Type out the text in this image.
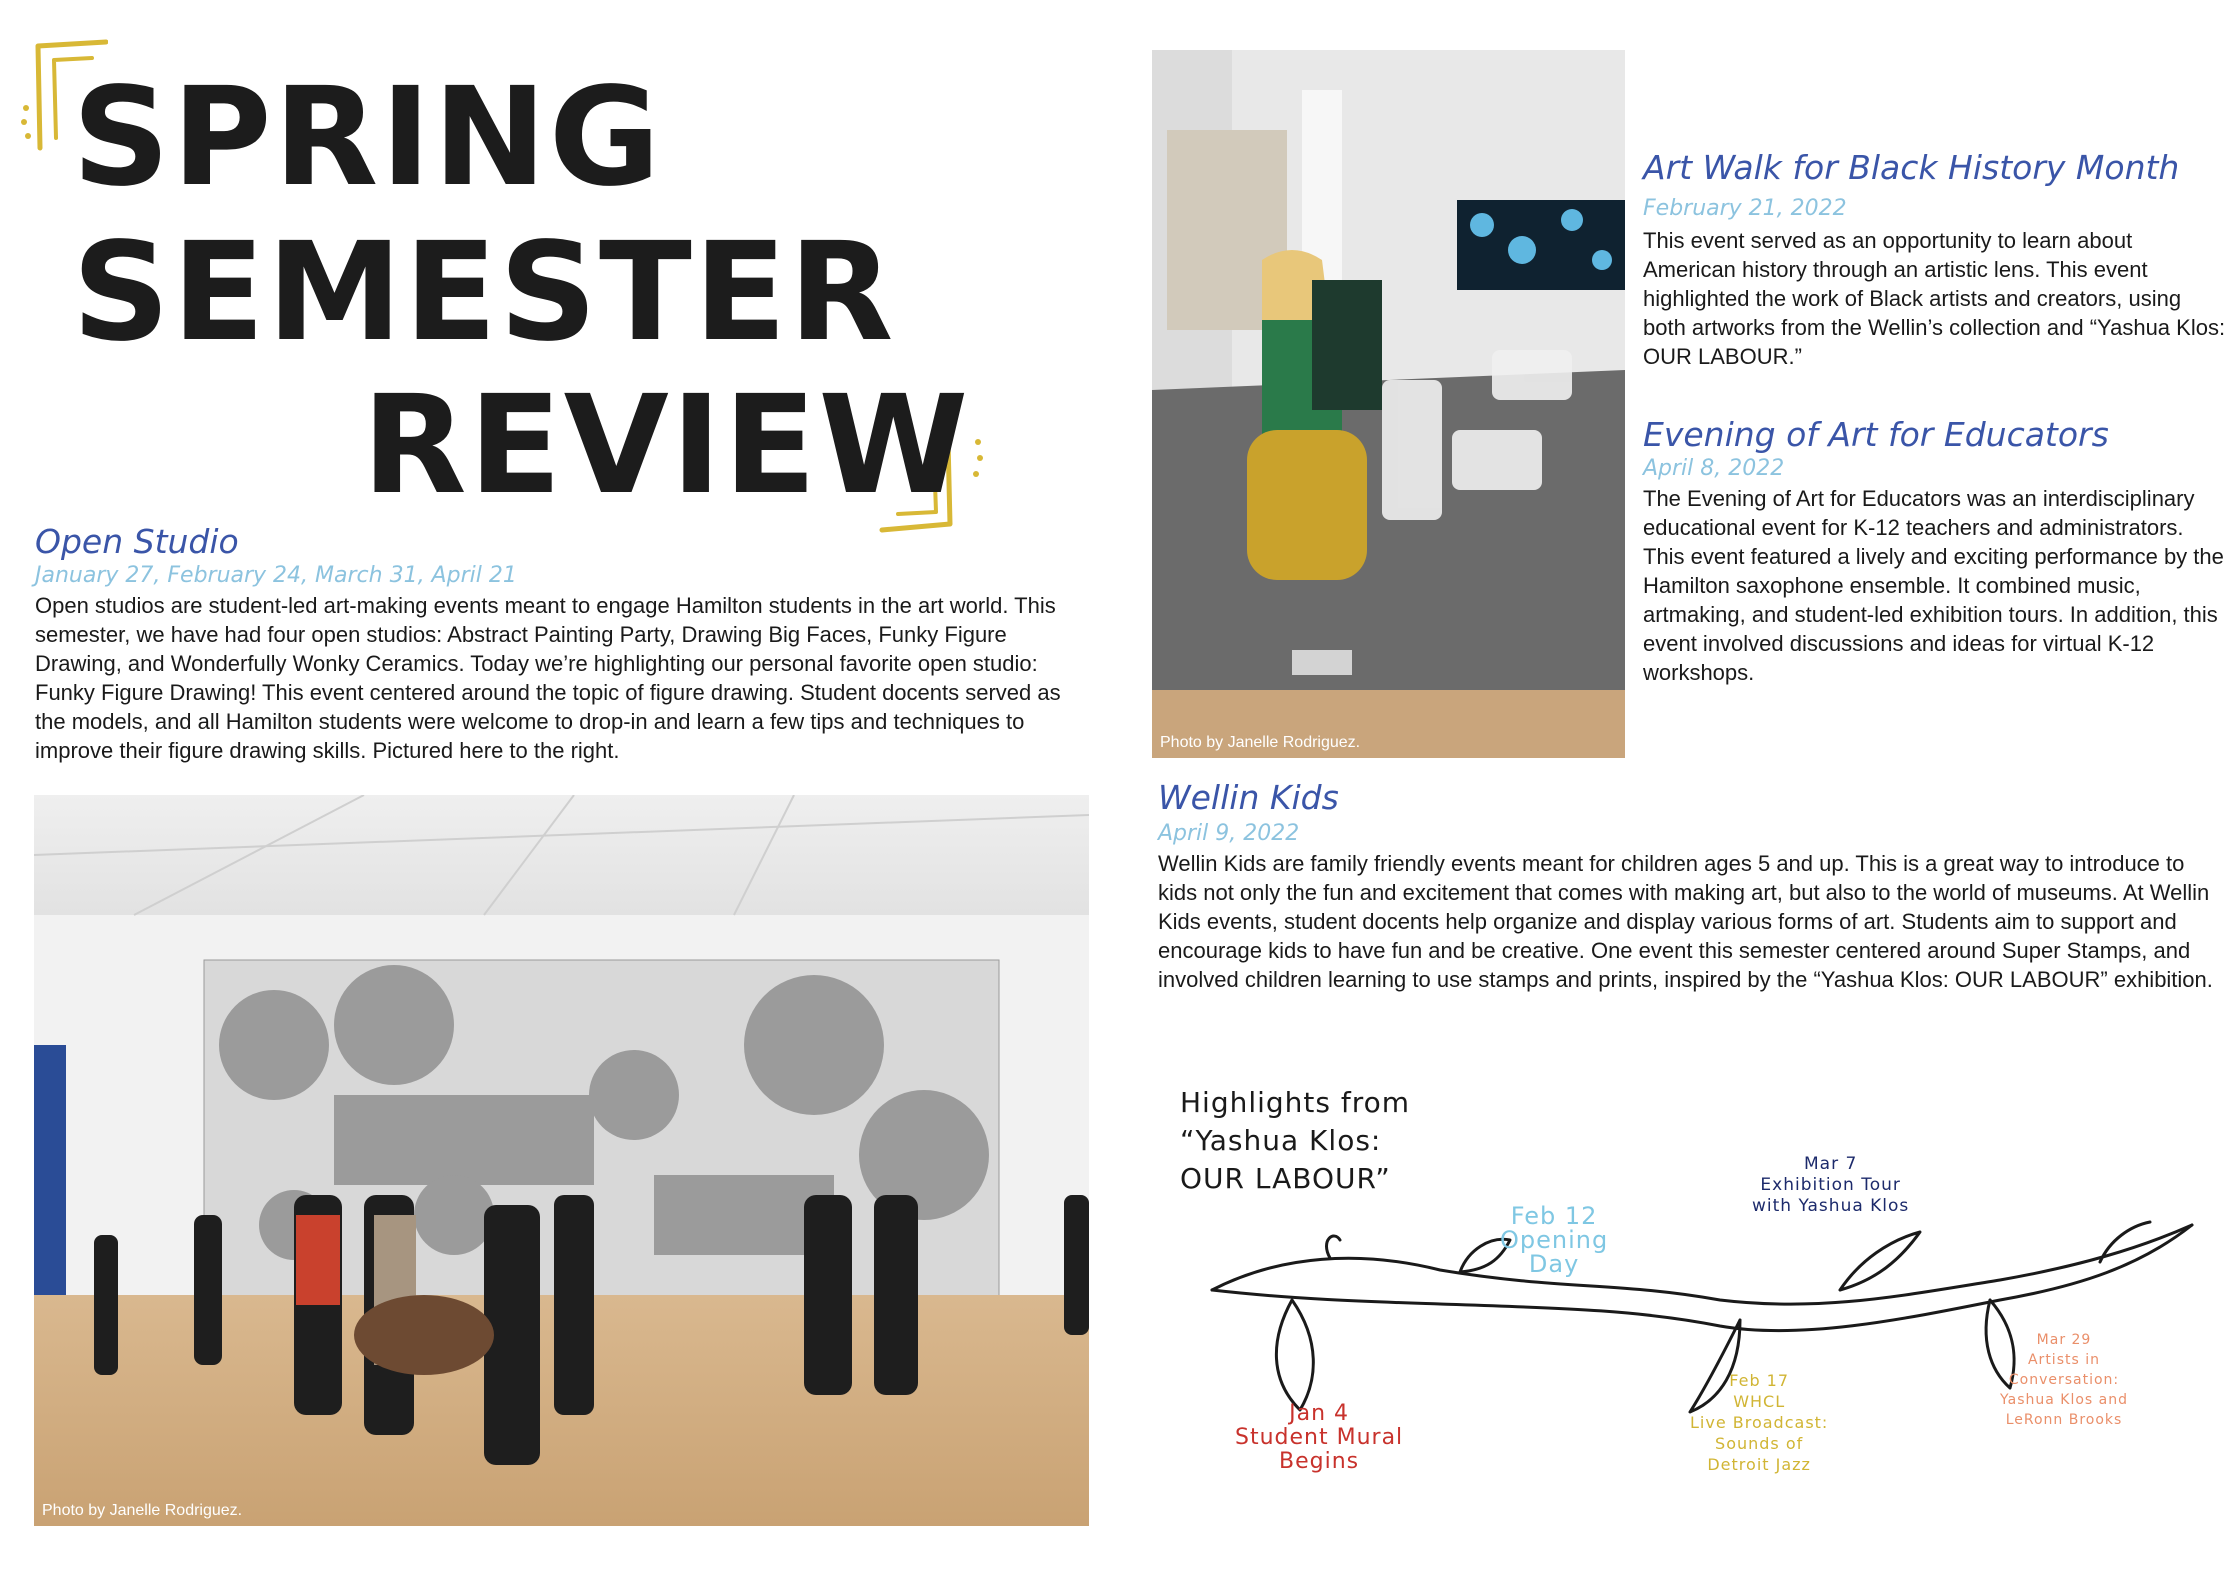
SPRING
SEMESTER
REVIEW
Open Studio
January 27, February 24, March 31, April 21

Open studios are student-led art-making events meant to engage Hamilton students in the art world. This semester, we have had four open studios: Abstract Painting Party, Drawing Big Faces, Funky Figure Drawing, and Wonderfully Wonky Ceramics. Today we’re highlighting our personal favorite open studio: Funky Figure Drawing! This event centered around the topic of figure drawing. Student docents served as the models, and all Hamilton students were welcome to drop-in and learn a few tips and techniques to improve their figure drawing skills. Pictured here to the right.

Photo by Janelle Rodriguez.
Photo by Janelle Rodriguez.
Art Walk for Black History Month
February 21, 2022

This event served as an opportunity to learn about American history through an artistic lens. This event highlighted the work of Black artists and creators, using both artworks from the Wellin’s collection and “Yashua Klos: OUR LABOUR.”

Evening of Art for Educators
April 8, 2022

The Evening of Art for Educators was an interdisciplinary educational event for K-12 teachers and administrators. This event featured a lively and exciting performance by the Hamilton saxophone ensemble. It combined music, artmaking, and student-led exhibition tours. In addition, this event involved discussions and ideas for virtual K-12 workshops.

Wellin Kids
April 9, 2022

Wellin Kids are family friendly events meant for children ages 5 and up. This is a great way to introduce to kids not only the fun and excitement that comes with making art, but also to the world of museums. At Wellin Kids events, student docents help organize and display various forms of art. Students aim to support and encourage kids to have fun and be creative. One event this semester centered around Super Stamps, and involved children learning to use stamps and prints, inspired by the “Yashua Klos: OUR LABOUR” exhibition.

Highlights from
“Yashua Klos:
OUR LABOUR”
Jan 4
Student Mural
Begins
Feb 12
Opening
Day
Feb 17
WHCL
Live Broadcast:
Sounds of
Detroit Jazz
Mar 7
Exhibition Tour
with Yashua Klos
Mar 29
Artists in
Conversation:
Yashua Klos and
LeRonn Brooks
